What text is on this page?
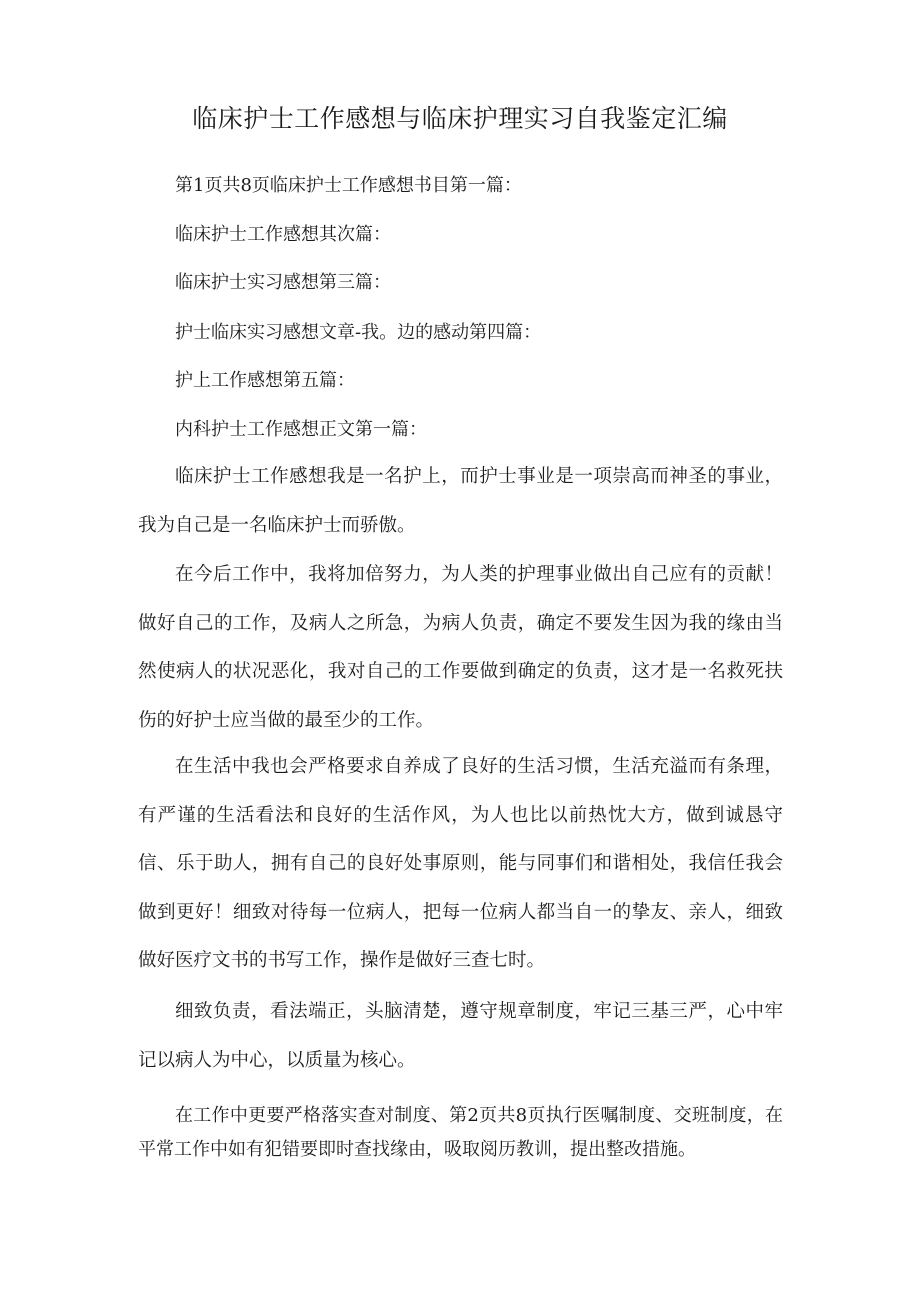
临床护士工作感想与临床护理实习自我鉴定汇编

第1页共8页临床护士工作感想书目第一篇：

临床护士工作感想其次篇：

临床护士实习感想第三篇：

护士临床实习感想文章-我。边的感动第四篇：

护上工作感想第五篇：

内科护士工作感想正文第一篇：

临床护士工作感想我是一名护上，而护士事业是一项崇高而神圣的事业，我为自己是一名临床护士而骄傲。

在今后工作中，我将加倍努力，为人类的护理事业做出自己应有的贡献！做好自己的工作，及病人之所急，为病人负责，确定不要发生因为我的缘由当然使病人的状况恶化，我对自己的工作要做到确定的负责，这才是一名救死扶伤的好护士应当做的最至少的工作。

在生活中我也会严格要求自养成了良好的生活习惯，生活充溢而有条理，有严谨的生活看法和良好的生活作风，为人也比以前热忱大方，做到诚恳守信、乐于助人，拥有自己的良好处事原则，能与同事们和谐相处，我信任我会做到更好！细致对待每一位病人，把每一位病人都当自一的挚友、亲人，细致做好医疗文书的书写工作，操作是做好三查七时。

细致负责，看法端正，头脑清楚，遵守规章制度，牢记三基三严，心中牢记以病人为中心，以质量为核心。

在工作中更要严格落实查对制度、第2页共8页执行医嘱制度、交班制度，在平常工作中如有犯错要即时查找缘由，吸取阅历教训，提出整改措施。
